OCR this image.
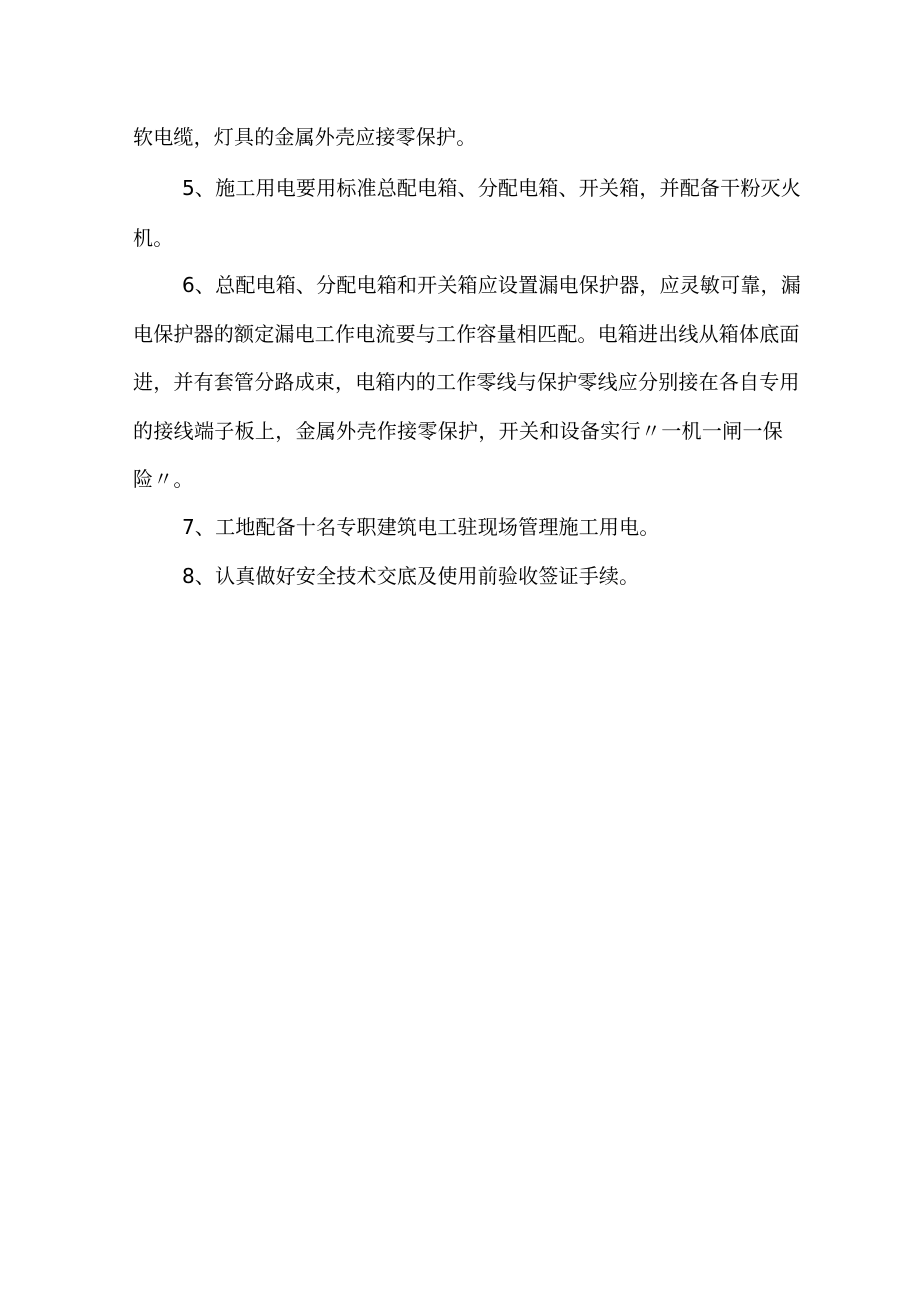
软电缆，灯具的金属外壳应接零保护。
5、施工用电要用标准总配电箱、分配电箱、开关箱，并配备干粉灭火
机。
6、总配电箱、分配电箱和开关箱应设置漏电保护器，应灵敏可靠，漏
电保护器的额定漏电工作电流要与工作容量相匹配。电箱进出线从箱体底面
进，并有套管分路成束，电箱内的工作零线与保护零线应分别接在各自专用
的接线端子板上，金属外壳作接零保护，开关和设备实行〃一机一闸一保
险〃。
7、工地配备十名专职建筑电工驻现场管理施工用电。
8、认真做好安全技术交底及使用前验收签证手续。
